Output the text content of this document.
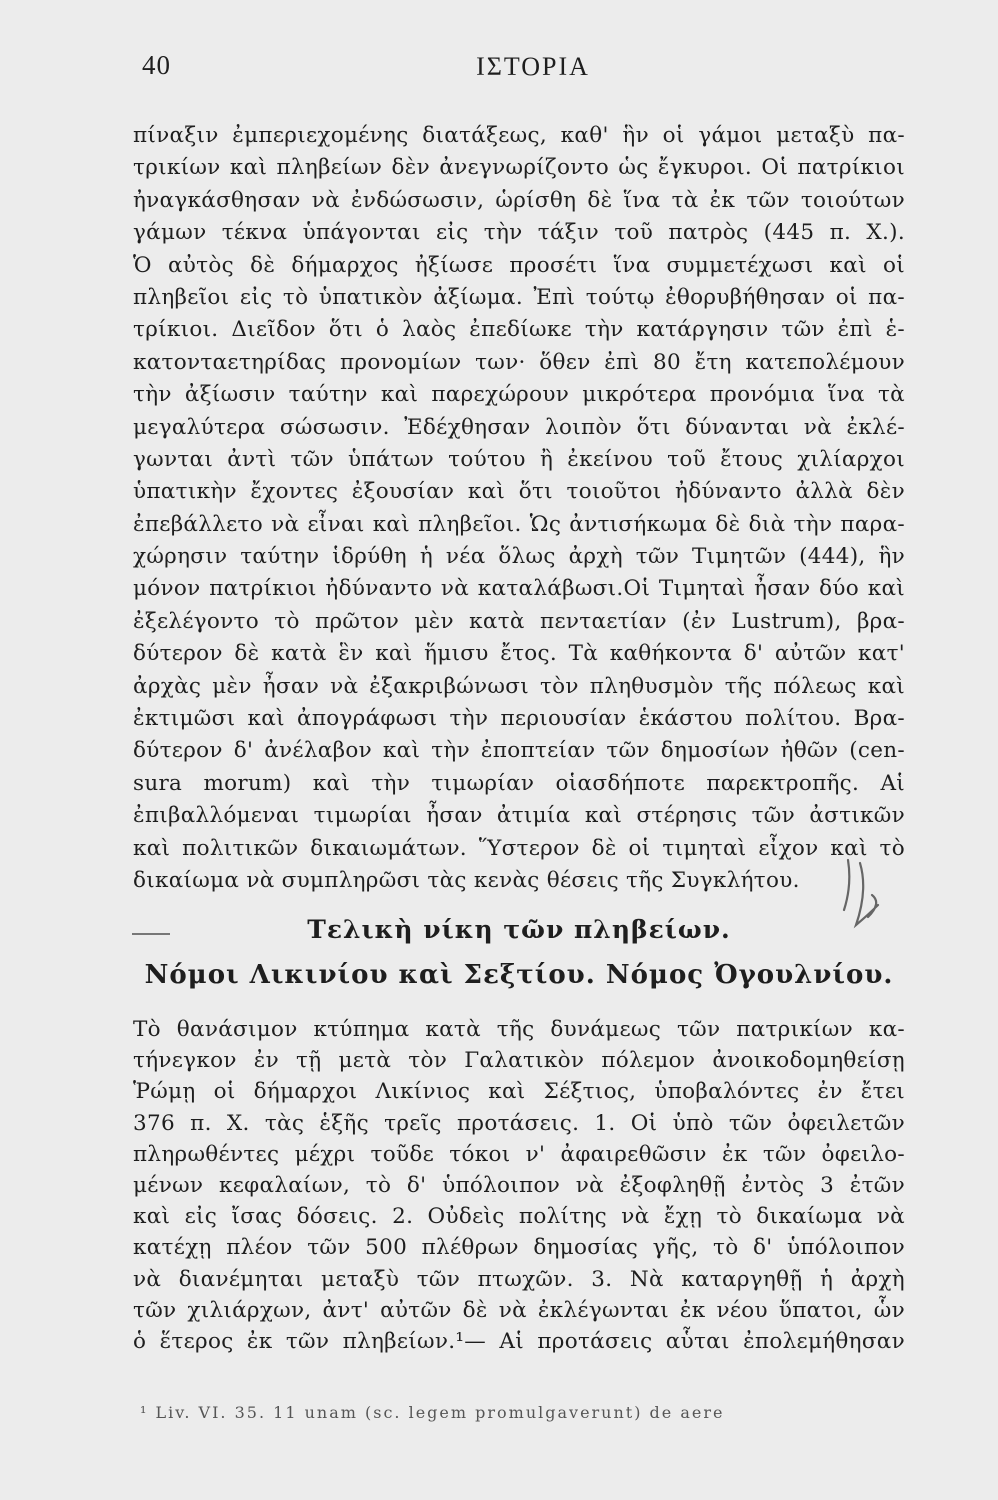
40	ΙΣΤΟΡΙΑ
πίναξιν ἐμπεριεχομένης διατάξεως, καθ' ἣν οἱ γάμοι μεταξὺ πα-
τρικίων καὶ πληβείων δὲν ἀνεγνωρίζοντο ὡς ἔγκυροι. Οἱ πατρίκιοι
ἠναγκάσθησαν νὰ ἐνδώσωσιν, ὡρίσθη δὲ ἵνα τὰ ἐκ τῶν τοιούτων
γάμων τέκνα ὑπάγονται εἰς τὴν τάξιν τοῦ πατρὸς (445 π. Χ.).
Ὁ αὐτὸς δὲ δήμαρχος ἠξίωσε προσέτι ἵνα συμμετέχωσι καὶ οἱ
πληβεῖοι εἰς τὸ ὑπατικὸν ἀξίωμα. Ἐπὶ τούτῳ ἐθορυβήθησαν οἱ πα-
τρίκιοι. Διεῖδον ὅτι ὁ λαὸς ἐπεδίωκε τὴν κατάργησιν τῶν ἐπὶ ἑ-
κατονταετηρίδας προνομίων των· ὅθεν ἐπὶ 80 ἔτη κατεπολέμουν
τὴν ἀξίωσιν ταύτην καὶ παρεχώρουν μικρότερα προνόμια ἵνα τὰ
μεγαλύτερα σώσωσιν. Ἐδέχθησαν λοιπὸν ὅτι δύνανται νὰ ἐκλέ-
γωνται ἀντὶ τῶν ὑπάτων τούτου ἢ ἐκείνου τοῦ ἔτους χιλίαρχοι
ὑπατικὴν ἔχοντες ἐξουσίαν καὶ ὅτι τοιοῦτοι ἠδύναντο ἀλλὰ δὲν
ἐπεβάλλετο νὰ εἶναι καὶ πληβεῖοι. Ὡς ἀντισήκωμα δὲ διὰ τὴν παρα-
χώρησιν ταύτην ἱδρύθη ἡ νέα ὅλως ἀρχὴ τῶν Τιμητῶν (444), ἣν
μόνον πατρίκιοι ἠδύναντο νὰ καταλάβωσι.Οἱ Τιμηταὶ ἦσαν δύο καὶ
ἐξελέγοντο τὸ πρῶτον μὲν κατὰ πενταετίαν (ἐν Lustrum), βρα-
δύτερον δὲ κατὰ ἓν καὶ ἥμισυ ἔτος. Τὰ καθήκοντα δ' αὐτῶν κατ'
ἀρχὰς μὲν ἦσαν νὰ ἐξακριβώνωσι τὸν πληθυσμὸν τῆς πόλεως καὶ
ἐκτιμῶσι καὶ ἀπογράφωσι τὴν περιουσίαν ἑκάστου πολίτου. Βρα-
δύτερον δ' ἀνέλαβον καὶ τὴν ἐποπτείαν τῶν δημοσίων ἠθῶν (cen-
sura morum) καὶ τὴν τιμωρίαν οἱασδήποτε παρεκτροπῆς. Αἱ
ἐπιβαλλόμεναι τιμωρίαι ἦσαν ἀτιμία καὶ στέρησις τῶν ἀστικῶν
καὶ πολιτικῶν δικαιωμάτων. Ὕστερον δὲ οἱ τιμηταὶ εἶχον καὶ τὸ
δικαίωμα νὰ συμπληρῶσι τὰς κενὰς θέσεις τῆς Συγκλήτου.
Τελικὴ νίκη τῶν πληβείων.
Νόμοι Λικινίου καὶ Σεξτίου. Νόμος Ὀγουλνίου.
Τὸ θανάσιμον κτύπημα κατὰ τῆς δυνάμεως τῶν πατρικίων κα-
τήνεγκον ἐν τῇ μετὰ τὸν Γαλατικὸν πόλεμον ἀνοικοδομηθείσῃ
Ῥώμῃ οἱ δήμαρχοι Λικίνιος καὶ Σέξτιος, ὑποβαλόντες ἐν ἔτει
376 π. Χ. τὰς ἑξῆς τρεῖς προτάσεις. 1. Οἱ ὑπὸ τῶν ὀφειλετῶν
πληρωθέντες μέχρι τοῦδε τόκοι ν' ἀφαιρεθῶσιν ἐκ τῶν ὀφειλο-
μένων κεφαλαίων, τὸ δ' ὑπόλοιπον νὰ ἐξοφληθῇ ἐντὸς 3 ἐτῶν
καὶ εἰς ἴσας δόσεις. 2. Οὐδεὶς πολίτης νὰ ἔχῃ τὸ δικαίωμα νὰ
κατέχῃ πλέον τῶν 500 πλέθρων δημοσίας γῆς, τὸ δ' ὑπόλοιπον
νὰ διανέμηται μεταξὺ τῶν πτωχῶν. 3. Νὰ καταργηθῇ ἡ ἀρχὴ
τῶν χιλιάρχων, ἀντ' αὐτῶν δὲ νὰ ἐκλέγωνται ἐκ νέου ὕπατοι, ὧν
ὁ ἕτερος ἐκ τῶν πληβείων.¹— Αἱ προτάσεις αὗται ἐπολεμήθησαν
¹ Liv. VI. 35. 11 unam (sc. legem promulgaverunt) de aere
